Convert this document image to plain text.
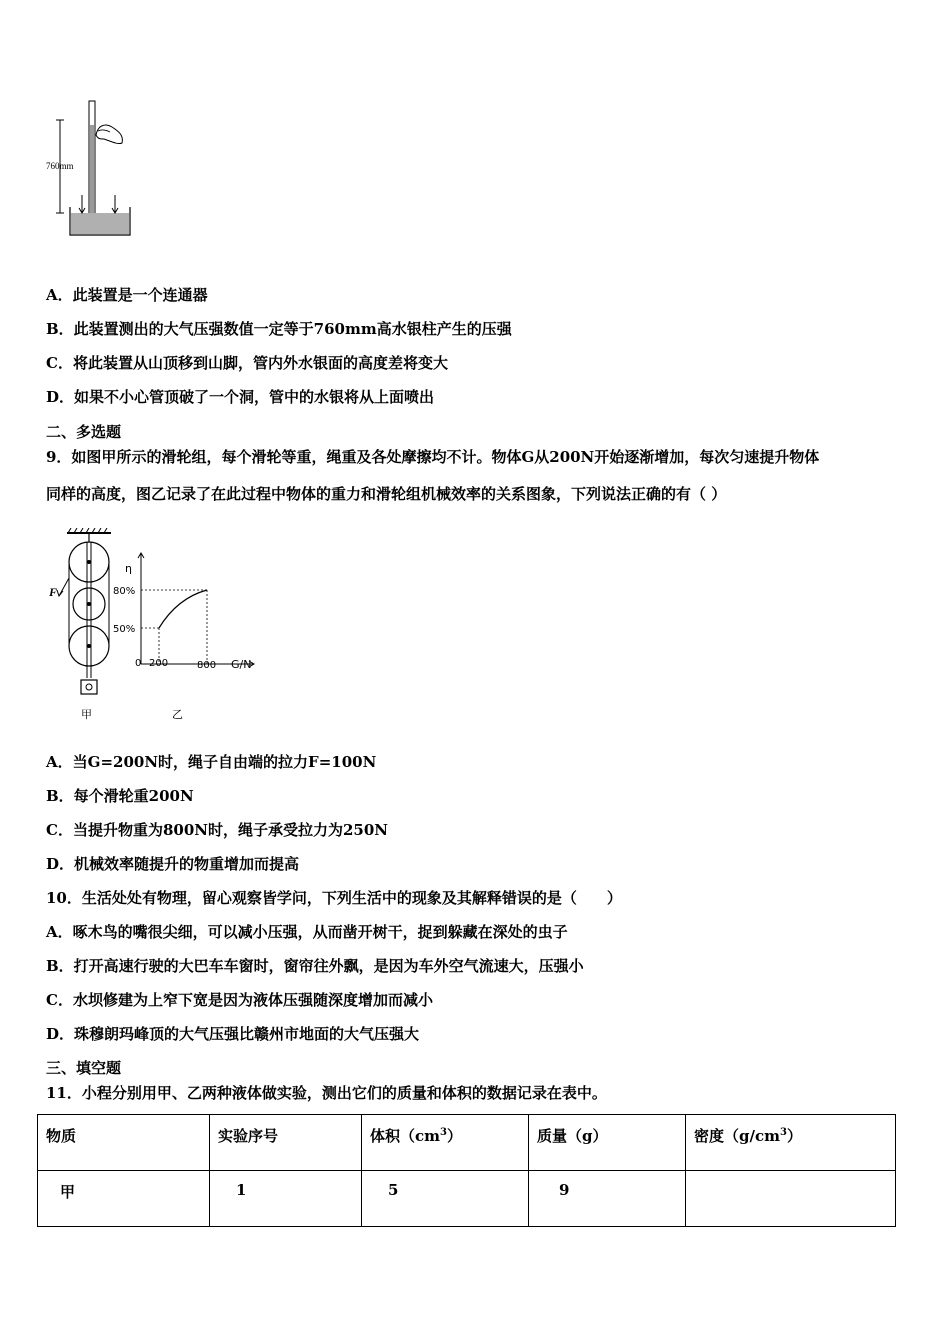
760mm
A．此装置是一个连通器
B．此装置测出的大气压强数值一定等于760mm高水银柱产生的压强
C．将此装置从山顶移到山脚，管内外水银面的高度差将变大
D．如果不小心管顶破了一个洞，管中的水银将从上面喷出
二、多选题
9．如图甲所示的滑轮组，每个滑轮等重，绳重及各处摩擦均不计。物体G从200N开始逐渐增加，每次匀速提升物体
同样的高度，图乙记录了在此过程中物体的重力和滑轮组机械效率的关系图象，下列说法正确的有（ ）
F
甲
η
G/N
80%
50%
0 200	800
乙
A．当G=200N时，绳子自由端的拉力F=100N
B．每个滑轮重200N
C．当提升物重为800N时，绳子承受拉力为250N
D．机械效率随提升的物重增加而提高
10．生活处处有物理，留心观察皆学问，下列生活中的现象及其解释错误的是（　　）
A．啄木鸟的嘴很尖细，可以减小压强，从而凿开树干，捉到躲藏在深处的虫子
B．打开高速行驶的大巴车车窗时，窗帘往外飘，是因为车外空气流速大，压强小
C．水坝修建为上窄下宽是因为液体压强随深度增加而减小
D．珠穆朗玛峰顶的大气压强比赣州市地面的大气压强大
三、填空题
11．小程分别用甲、乙两种液体做实验，测出它们的质量和体积的数据记录在表中。
物质	实验序号	体积$(cm^3)$	质量（g）	密度$(g/cm^3)$
甲	1	5	9	
